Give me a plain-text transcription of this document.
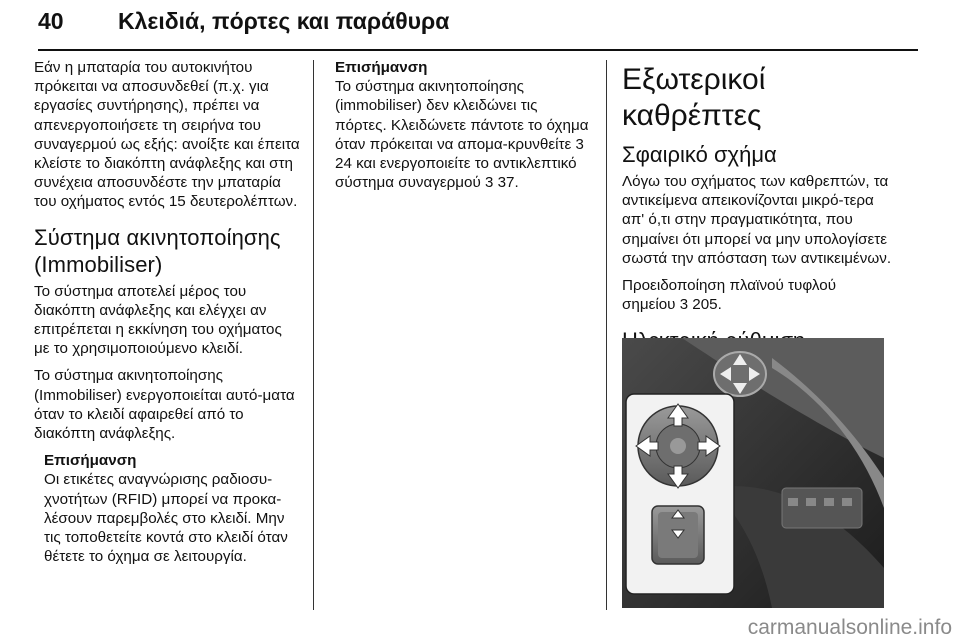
40 Κλειδιά, πόρτες και παράθυρα

Εάν η μπαταρία του αυτοκινήτου πρόκειται να αποσυνδεθεί (π.χ. για εργασίες συντήρησης), πρέπει να απενεργοποιήσετε τη σειρήνα του συναγερμού ως εξής: ανοίξτε και έπειτα κλείστε το διακόπτη ανάφλεξης και στη συνέχεια αποσυνδέστε την μπαταρία του οχήματος εντός 15 δευτερολέπτων.

Σύστημα ακινητοποίησης (Immobiliser)

Το σύστημα αποτελεί μέρος του διακόπτη ανάφλεξης και ελέγχει αν επιτρέπεται η εκκίνηση του οχήματος με το χρησιμοποιούμενο κλειδί.

Το σύστημα ακινητοποίησης (Immobiliser) ενεργοποιείται αυτό-ματα όταν το κλειδί αφαιρεθεί από το διακόπτη ανάφλεξης.

Επισήμανση
Οι ετικέτες αναγνώρισης ραδιοσυ-χνοτήτων (RFID) μπορεί να προκα-λέσουν παρεμβολές στο κλειδί. Μην τις τοποθετείτε κοντά στο κλειδί όταν θέτετε το όχημα σε λειτουργία.
Επισήμανση
Το σύστημα ακινητοποίησης (immobiliser) δεν κλειδώνει τις πόρτες. Κλειδώνετε πάντοτε το όχημα όταν πρόκειται να απομα-κρυνθείτε 3 24 και ενεργοποιείτε το αντικλεπτικό σύστημα συναγερμού 3 37.
Εξωτερικοί καθρέπτες
Σφαιρικό σχήμα

Λόγω του σχήματος των καθρεπτών, τα αντικείμενα απεικονίζονται μικρό-τερα απ' ό,τι στην πραγματικότητα, που σημαίνει ότι μπορεί να μην υπολογίσετε σωστά την απόσταση των αντικειμένων.

Προειδοποίηση πλαϊνού τυφλού σημείου 3 205.

carmanualsonline.info
